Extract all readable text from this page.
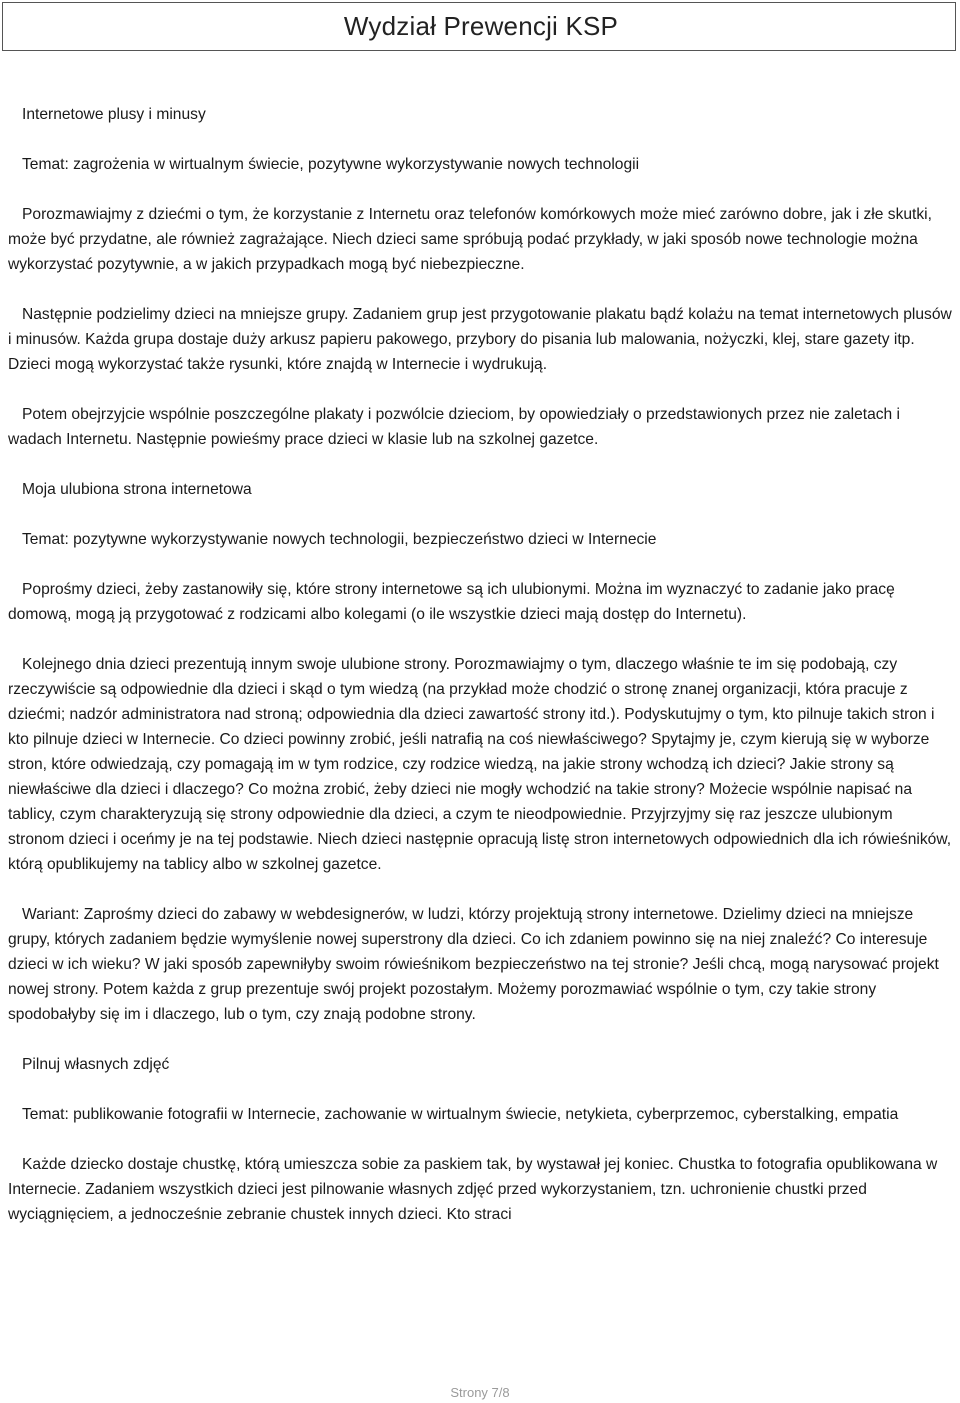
Wydział Prewencji KSP

Internetowe plusy i minusy

Temat: zagrożenia w wirtualnym świecie, pozytywne wykorzystywanie nowych technologii

Porozmawiajmy z dziećmi o tym, że korzystanie z Internetu oraz telefonów komórkowych może mieć zarówno dobre, jak i złe skutki, może być przydatne, ale również zagrażające. Niech dzieci same spróbują podać przykłady, w jaki sposób nowe technologie można wykorzystać pozytywnie, a w jakich przypadkach mogą być niebezpieczne.

Następnie podzielimy dzieci na mniejsze grupy. Zadaniem grup jest przygotowanie plakatu bądź kolażu na temat internetowych plusów i minusów. Każda grupa dostaje duży arkusz papieru pakowego, przybory do pisania lub malowania, nożyczki, klej, stare gazety itp. Dzieci mogą wykorzystać także rysunki, które znajdą w Internecie i wydrukują.

Potem obejrzyjcie wspólnie poszczególne plakaty i pozwólcie dzieciom, by opowiedziały o przedstawionych przez nie zaletach i wadach Internetu. Następnie powieśmy prace dzieci w klasie lub na szkolnej gazetce.

Moja ulubiona strona internetowa

Temat: pozytywne wykorzystywanie nowych technologii, bezpieczeństwo dzieci w Internecie

Poprośmy dzieci, żeby zastanowiły się, które strony internetowe są ich ulubionymi. Można im wyznaczyć to zadanie jako pracę domową, mogą ją przygotować z rodzicami albo kolegami (o ile wszystkie dzieci mają dostęp do Internetu).

Kolejnego dnia dzieci prezentują innym swoje ulubione strony. Porozmawiajmy o tym, dlaczego właśnie te im się podobają, czy rzeczywiście są odpowiednie dla dzieci i skąd o tym wiedzą (na przykład może chodzić o stronę znanej organizacji, która pracuje z dziećmi; nadzór administratora nad stroną; odpowiednia dla dzieci zawartość strony itd.). Podyskutujmy o tym, kto pilnuje takich stron i kto pilnuje dzieci w Internecie. Co dzieci powinny zrobić, jeśli natrafią na coś niewłaściwego? Spytajmy je, czym kierują się w wyborze stron, które odwiedzają, czy pomagają im w tym rodzice, czy rodzice wiedzą, na jakie strony wchodzą ich dzieci? Jakie strony są niewłaściwe dla dzieci i dlaczego? Co można zrobić, żeby dzieci nie mogły wchodzić na takie strony? Możecie wspólnie napisać na tablicy, czym charakteryzują się strony odpowiednie dla dzieci, a czym te nieodpowiednie. Przyjrzyjmy się raz jeszcze ulubionym stronom dzieci i oceńmy je na tej podstawie. Niech dzieci następnie opracują listę stron internetowych odpowiednich dla ich rówieśników, którą opublikujemy na tablicy albo w szkolnej gazetce.

Wariant: Zaprośmy dzieci do zabawy w webdesignerów, w ludzi, którzy projektują strony internetowe. Dzielimy dzieci na mniejsze grupy, których zadaniem będzie wymyślenie nowej superstrony dla dzieci. Co ich zdaniem powinno się na niej znaleźć? Co interesuje dzieci w ich wieku? W jaki sposób zapewniłyby swoim rówieśnikom bezpieczeństwo na tej stronie? Jeśli chcą, mogą narysować projekt nowej strony. Potem każda z grup prezentuje swój projekt pozostałym. Możemy porozmawiać wspólnie o tym, czy takie strony spodobałyby się im i dlaczego, lub o tym, czy znają podobne strony.

Pilnuj własnych zdjęć

Temat: publikowanie fotografii w Internecie, zachowanie w wirtualnym świecie, netykieta, cyberprzemoc, cyberstalking, empatia

Każde dziecko dostaje chustkę, którą umieszcza sobie za paskiem tak, by wystawał jej koniec. Chustka to fotografia opublikowana w Internecie. Zadaniem wszystkich dzieci jest pilnowanie własnych zdjęć przed wykorzystaniem, tzn. uchronienie chustki przed wyciągnięciem, a jednocześnie zebranie chustek innych dzieci. Kto straci

Strony 7/8
